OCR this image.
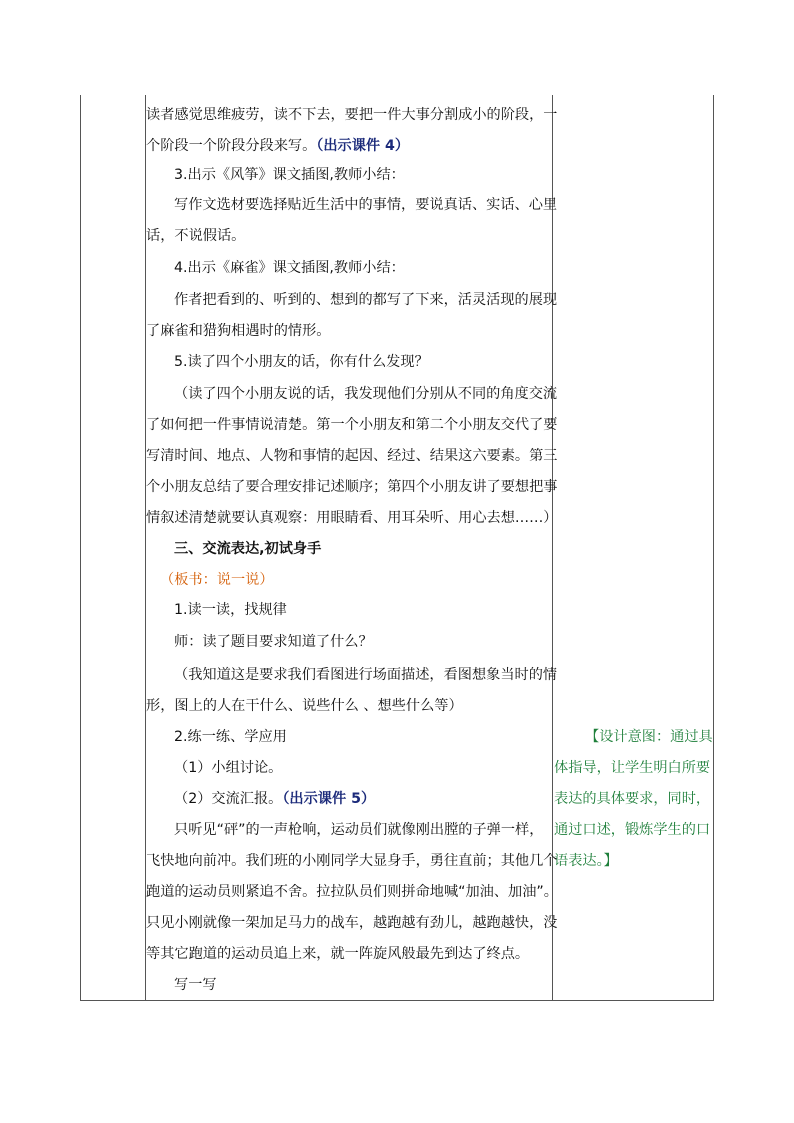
读者感觉思维疲劳，读不下去，要把一件大事分割成小的阶段，一
个阶段一个阶段分段来写。（出示课件 4）
3.出示《风筝》课文插图,教师小结：
写作文选材要选择贴近生活中的事情，要说真话、实话、心里
话，不说假话。
4.出示《麻雀》课文插图,教师小结：
作者把看到的、听到的、想到的都写了下来，活灵活现的展现
了麻雀和猎狗相遇时的情形。
5.读了四个小朋友的话，你有什么发现？
（读了四个小朋友说的话，我发现他们分别从不同的角度交流
了如何把一件事情说清楚。第一个小朋友和第二个小朋友交代了要
写清时间、地点、人物和事情的起因、经过、结果这六要素。第三
个小朋友总结了要合理安排记述顺序；第四个小朋友讲了要想把事
情叙述清楚就要认真观察：用眼睛看、用耳朵听、用心去想……）
三、交流表达,初试身手
（板书：说一说）
1.读一读，找规律
师：读了题目要求知道了什么？
（我知道这是要求我们看图进行场面描述，看图想象当时的情
形，图上的人在干什么、说些什么 、想些什么等）
2.练一练、学应用
（1）小组讨论。
（2）交流汇报。（出示课件 5）
只听见“砰”的一声枪响，运动员们就像刚出膛的子弹一样，
飞快地向前冲。我们班的小刚同学大显身手，勇往直前；其他几个
跑道的运动员则紧追不舍。拉拉队员们则拼命地喊“加油、加油”。
只见小刚就像一架加足马力的战车，越跑越有劲儿，越跑越快，没
等其它跑道的运动员追上来，就一阵旋风般最先到达了终点。
写一写
【设计意图：通过具
体指导，让学生明白所要
表达的具体要求，同时，
通过口述，锻炼学生的口
语表达。】
